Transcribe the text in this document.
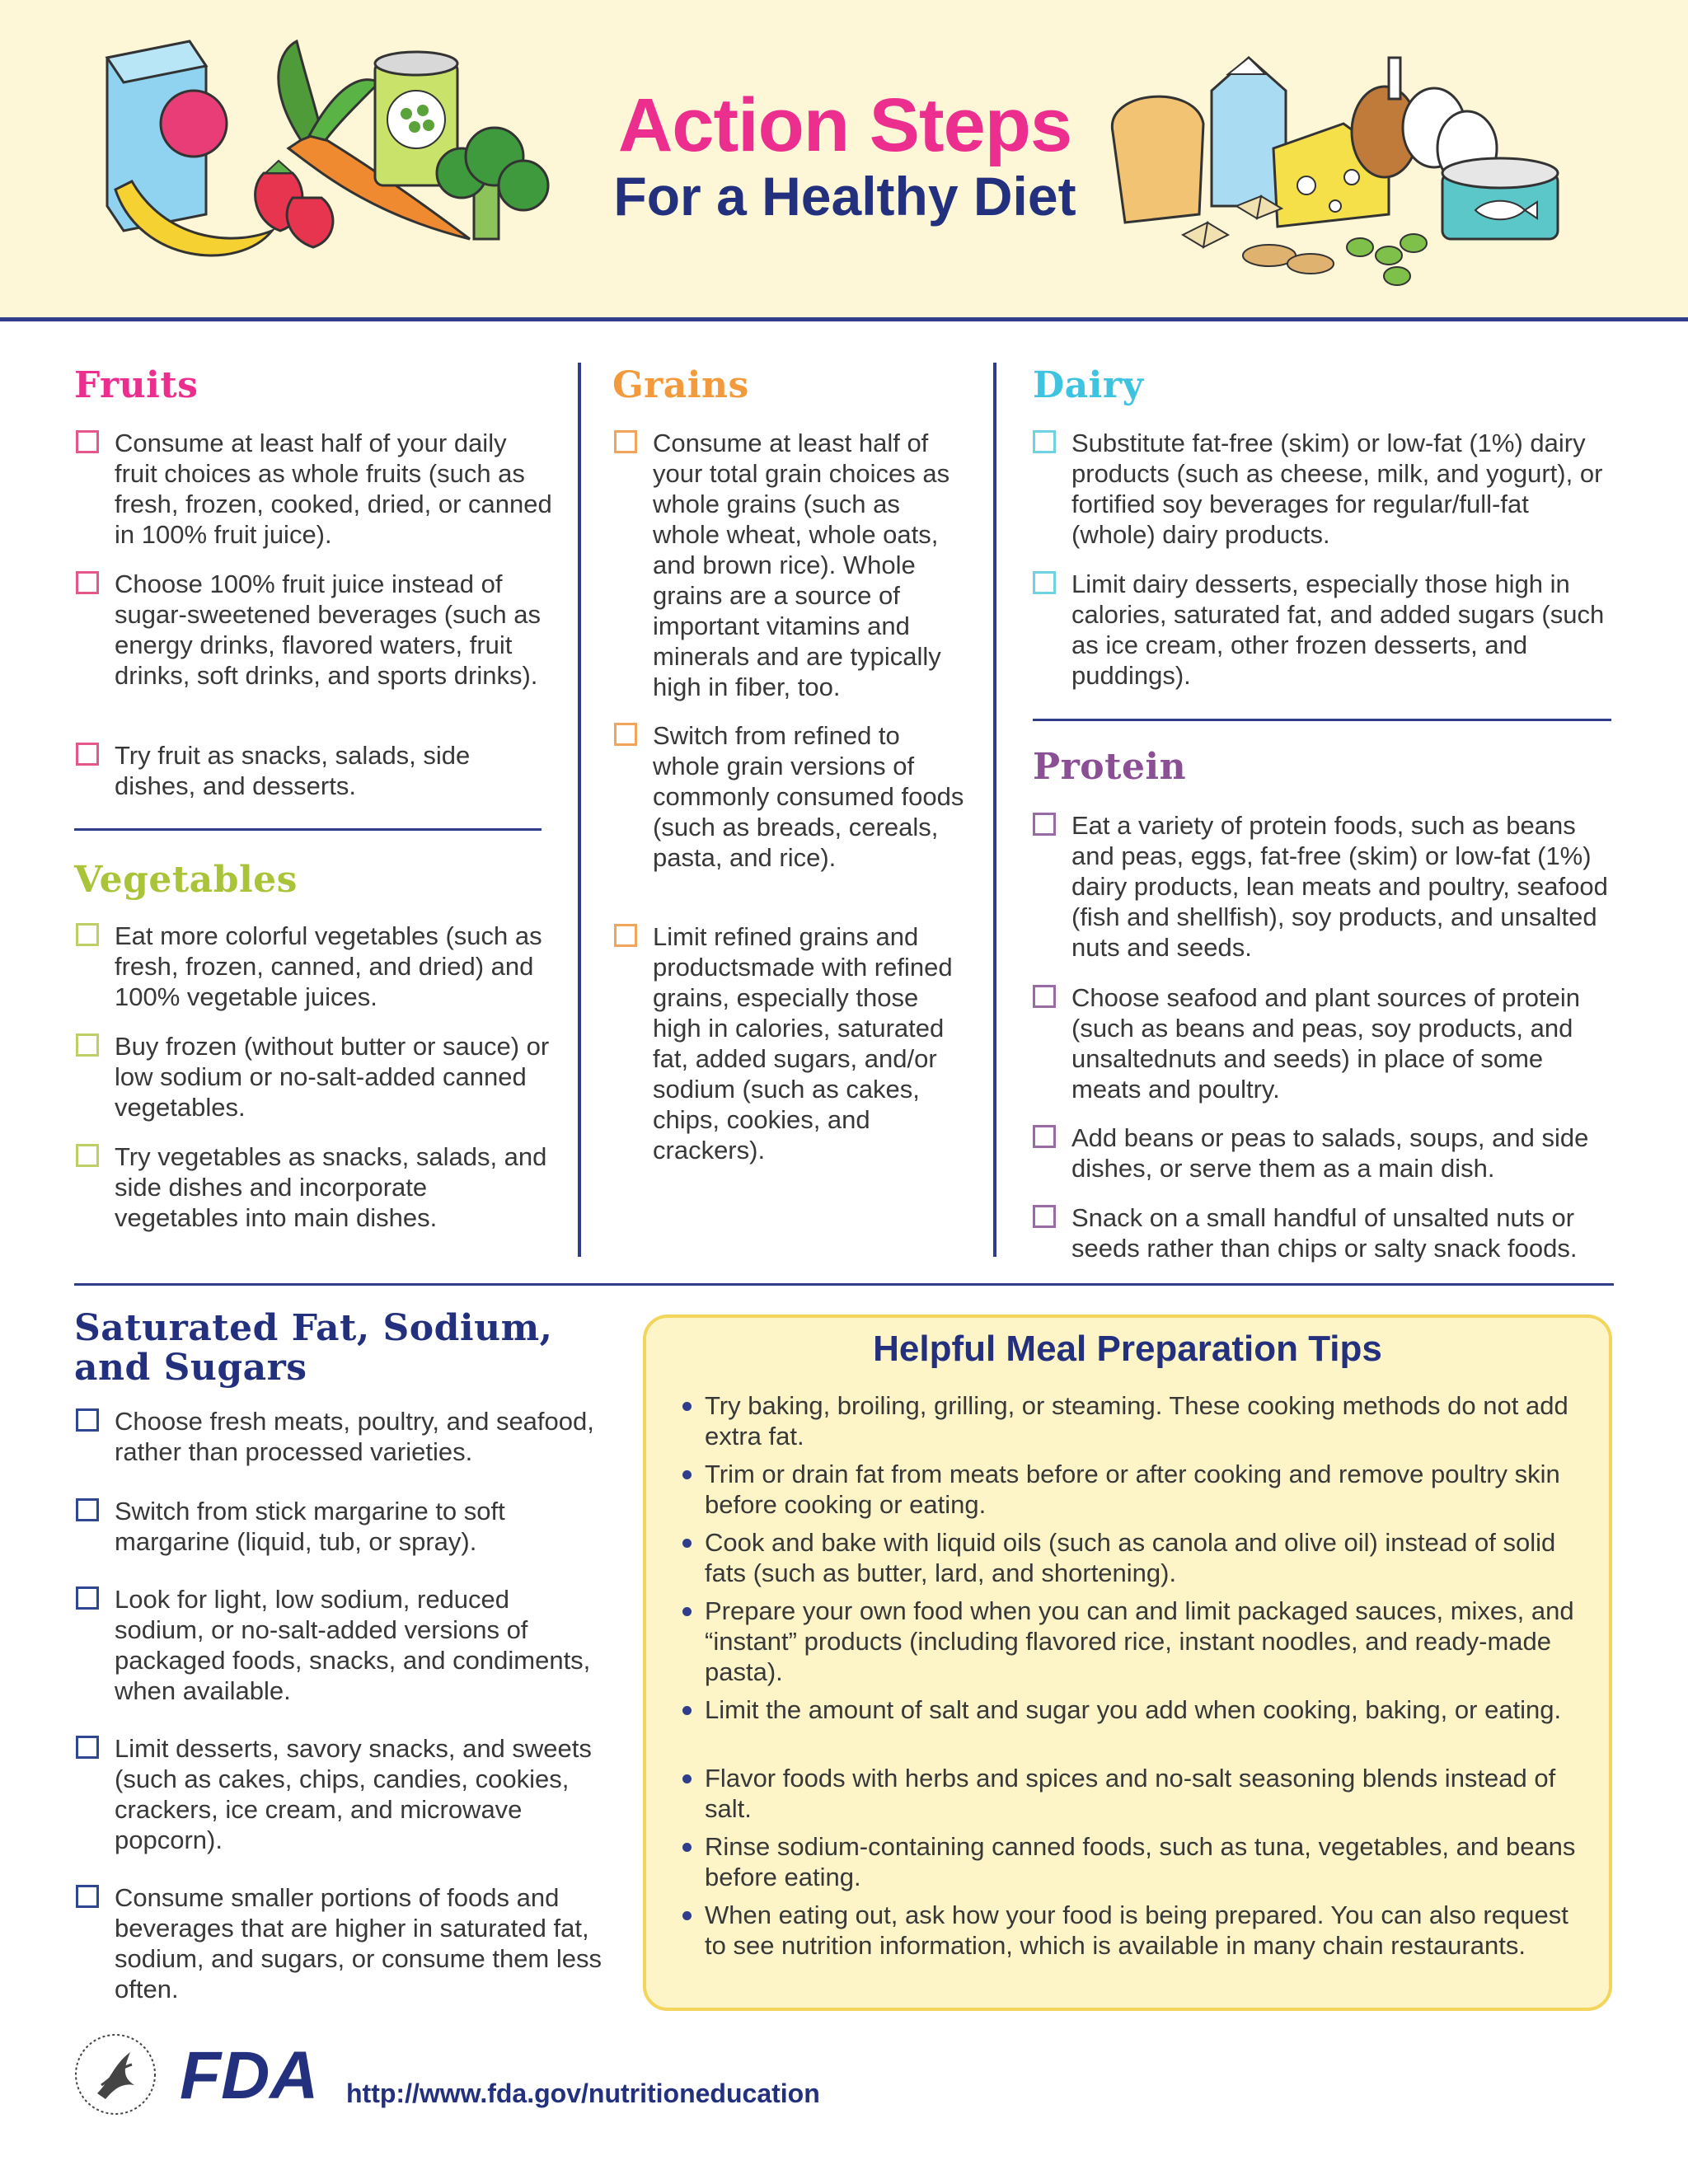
Action Steps
For a Healthy Diet
Fruits
Consume at least half of your daily fruit choices as whole fruits (such as fresh, frozen, cooked, dried, or canned in 100% fruit juice).
Choose 100% fruit juice instead of sugar-sweetened beverages (such as energy drinks, flavored waters, fruit drinks, soft drinks, and sports drinks).
Try fruit as snacks, salads, side dishes, and desserts.
Vegetables
Eat more colorful vegetables (such as fresh, frozen, canned, and dried) and 100% vegetable juices.
Buy frozen (without butter or sauce) or low sodium or no-salt-added canned vegetables.
Try vegetables as snacks, salads, and side dishes and incorporate vegetables into main dishes.
Grains
Consume at least half of your total grain choices as whole grains (such as whole wheat, whole oats, and brown rice). Whole grains are a source of important vitamins and minerals and are typically high in fiber, too.
Switch from refined to whole grain versions of commonly consumed foods (such as breads, cereals, pasta, and rice).
Limit refined grains and productsmade with refined grains, especially those high in calories, saturated fat, added sugars, and/or sodium (such as cakes, chips, cookies, and crackers).
Dairy
Substitute fat-free (skim) or low-fat (1%) dairy products (such as cheese, milk, and yogurt), or fortified soy beverages for regular/full-fat (whole) dairy products.
Limit dairy desserts, especially those high in calories, saturated fat, and added sugars (such as ice cream, other frozen desserts, and puddings).
Protein
Eat a variety of protein foods, such as beans and peas, eggs, fat-free (skim) or low-fat (1%) dairy products, lean meats and poultry, seafood (fish and shellfish), soy products, and unsalted nuts and seeds.
Choose seafood and plant sources of protein (such as beans and peas, soy products, and unsaltednuts and seeds) in place of some meats and poultry.
Add beans or peas to salads, soups, and side dishes, or serve them as a main dish.
Snack on a small handful of unsalted nuts or seeds rather than chips or salty snack foods.
Saturated Fat, Sodium,
and Sugars
Choose fresh meats, poultry, and seafood, rather than processed varieties.
Switch from stick margarine to soft margarine (liquid, tub, or spray).
Look for light, low sodium, reduced sodium, or no-salt-added versions of packaged foods, snacks, and condiments, when available.
Limit desserts, savory snacks, and sweets (such as cakes, chips, candies, cookies, crackers, ice cream, and microwave popcorn).
Consume smaller portions of foods and beverages that are higher in saturated fat, sodium, and sugars, or consume them less often.
Helpful Meal Preparation Tips
Try baking, broiling, grilling, or steaming. These cooking methods do not add extra fat.
Trim or drain fat from meats before or after cooking and remove poultry skin before cooking or eating.
Cook and bake with liquid oils (such as canola and olive oil) instead of solid fats (such as butter, lard, and shortening).
Prepare your own food when you can and limit packaged sauces, mixes, and “instant” products (including flavored rice, instant noodles, and ready-made pasta).
Limit the amount of salt and sugar you add when cooking, baking, or eating.
Flavor foods with herbs and spices and no-salt seasoning blends instead of salt.
Rinse sodium-containing canned foods, such as tuna, vegetables, and beans before eating.
When eating out, ask how your food is being prepared. You can also request to see nutrition information, which is available in many chain restaurants.
FDA http://www.fda.gov/nutritioneducation
